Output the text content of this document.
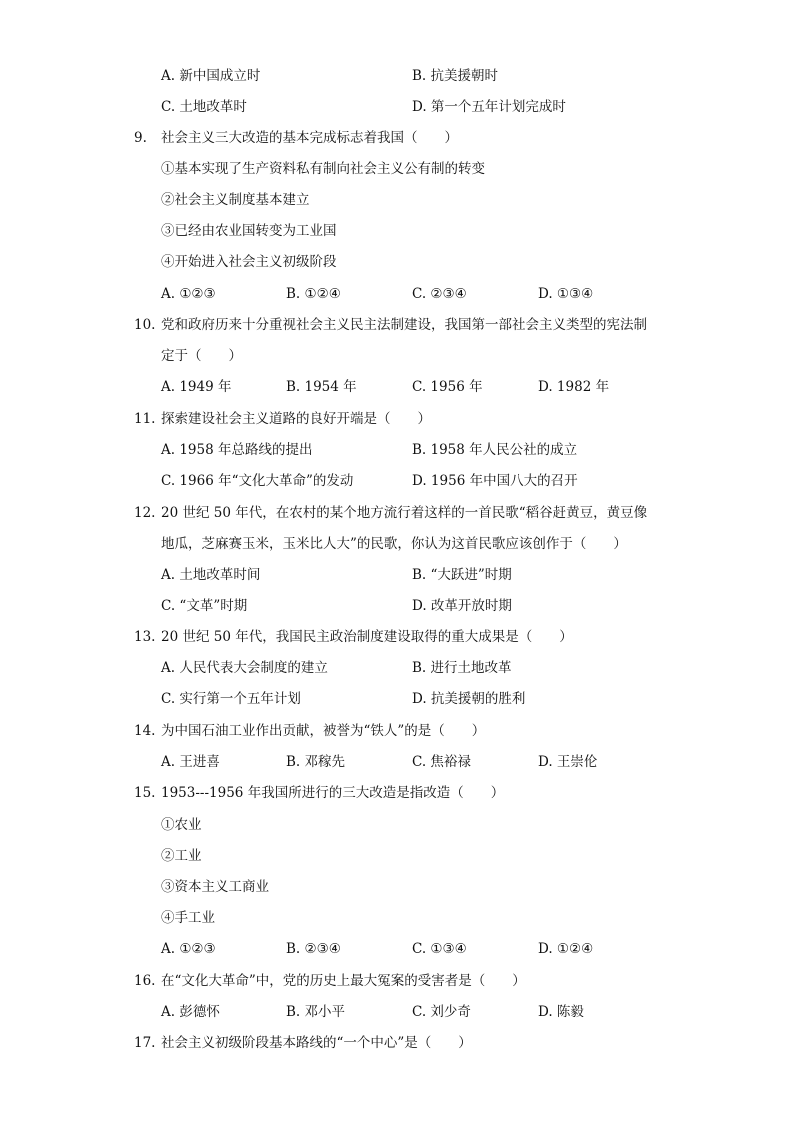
A. 新中国成立时	B. 抗美援朝时
C. 土地改革时	D. 第一个五年计划完成时
9. 社会主义三大改造的基本完成标志着我国（　　）
①基本实现了生产资料私有制向社会主义公有制的转变
②社会主义制度基本建立
③已经由农业国转变为工业国
④开始进入社会主义初级阶段
A. ①②③	B. ①②④	C. ②③④	D. ①③④
10. 党和政府历来十分重视社会主义民主法制建设，我国第一部社会主义类型的宪法制
定于（　　）
A. 1949 年	B. 1954 年	C. 1956 年	D. 1982 年
11. 探索建设社会主义道路的良好开端是（　　）
A. 1958 年总路线的提出	B. 1958 年人民公社的成立
C. 1966 年“文化大革命”的发动	D. 1956 年中国八大的召开
12. 20 世纪 50 年代，在农村的某个地方流行着这样的一首民歌“稻谷赶黄豆，黄豆像
地瓜，芝麻赛玉米，玉米比人大”的民歌，你认为这首民歌应该创作于（　　）
A. 土地改革时间	B. “大跃进”时期
C. “文革”时期	D. 改革开放时期
13. 20 世纪 50 年代，我国民主政治制度建设取得的重大成果是（　　）
A. 人民代表大会制度的建立	B. 进行土地改革
C. 实行第一个五年计划	D. 抗美援朝的胜利
14. 为中国石油工业作出贡献，被誉为“铁人”的是（　　）
A. 王进喜	B. 邓稼先	C. 焦裕禄	D. 王崇伦
15. 1953---1956 年我国所进行的三大改造是指改造（　　）
①农业
②工业
③资本主义工商业
④手工业
A. ①②③	B. ②③④	C. ①③④	D. ①②④
16. 在“文化大革命”中，党的历史上最大冤案的受害者是（　　）
A. 彭德怀	B. 邓小平	C. 刘少奇	D. 陈毅
17. 社会主义初级阶段基本路线的“一个中心”是（　　）
